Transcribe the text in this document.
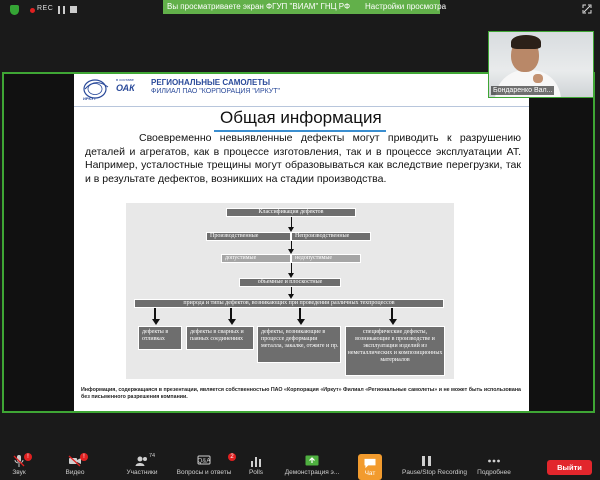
REC	Вы просматриваете экран ФГУП "ВИАМ" ГНЦ РФ	Настройки просмотра
ИРКУТ
в составе
ОАК
РЕГИОНАЛЬНЫЕ САМОЛЕТЫ
ФИЛИАЛ ПАО "КОРПОРАЦИЯ "ИРКУТ"
Общая информация

Своевременно невыявленные дефекты могут приводить к разрушению деталей и агрегатов, как в процессе изготовления, так и в процессе эксплуатации АТ. Например, усталостные трещины могут образовываться как вследствие перегрузки, так и в результате дефектов, возникших на стадии производства.

Классификация дефектов
Производственные	Непроизводственные
допустимые	недопустимые
объемные и плоскостные
природа и типы дефектов, возникающих при проведении различных техпроцессов
дефекты в отливках
дефекты в сварных и паяных соединениях
дефекты, возникающие в процессе деформации металла, закалке, отжиге и пр.
специфические дефекты, возникающие в производстве и эксплуатации изделий из неметаллических и композиционных материалов
Информация, содержащаяся в презентации, является собственностью ПАО «Корпорация «Иркут» Филиал «Региональные самолеты» и не может быть использована без письменного разрешения компании.
Бондаренко Вал...
!
Звук
!
Видео
74
Участники
Q&A
2
Вопросы и ответы	Polls	Демонстрация э...	Pause/Stop Recording	Подробнее
Чат
Выйти
